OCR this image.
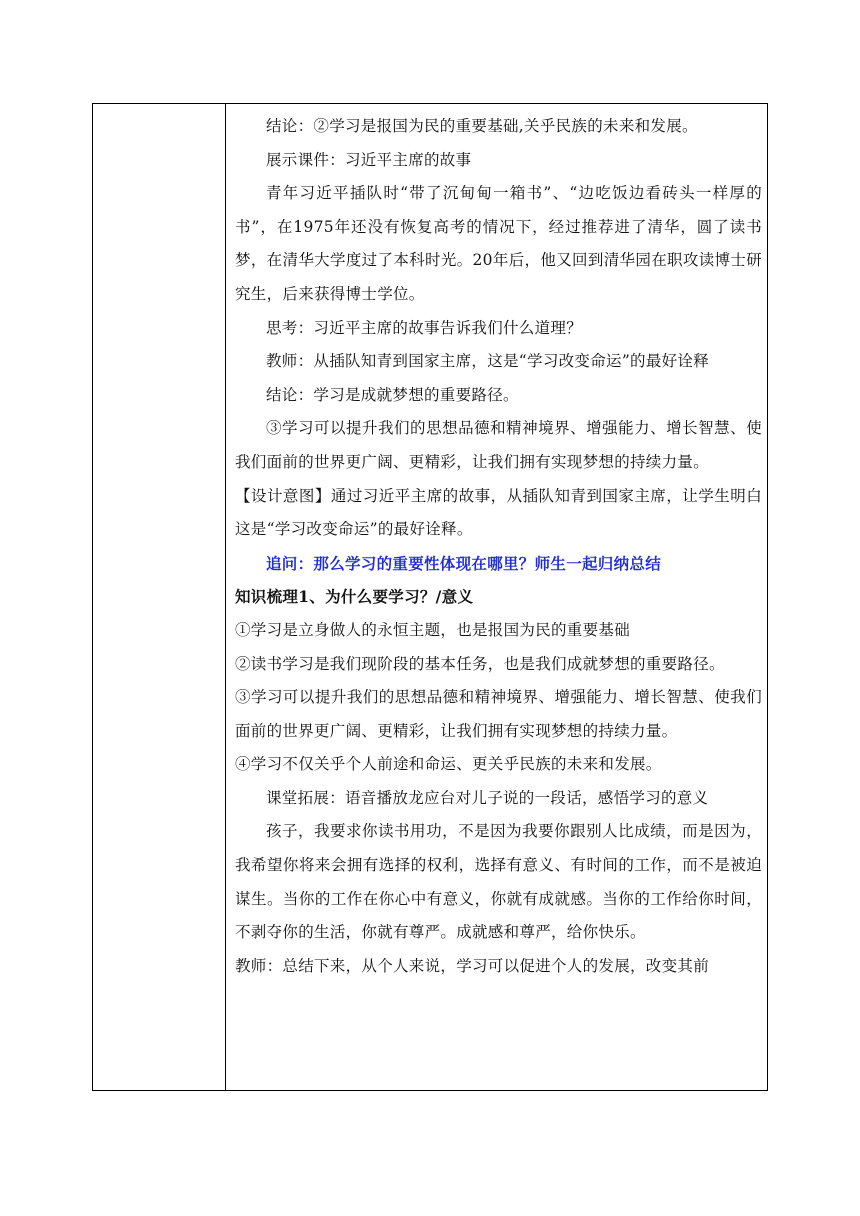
结论：②学习是报国为民的重要基础,关乎民族的未来和发展。

展示课件：习近平主席的故事

青年习近平插队时“带了沉甸甸一箱书”、“边吃饭边看砖头一样厚的书”，在1975年还没有恢复高考的情况下，经过推荐进了清华，圆了读书梦，在清华大学度过了本科时光。20年后，他又回到清华园在职攻读博士研究生，后来获得博士学位。

思考：习近平主席的故事告诉我们什么道理？

教师：从插队知青到国家主席，这是“学习改变命运”的最好诠释

结论：学习是成就梦想的重要路径。

③学习可以提升我们的思想品德和精神境界、增强能力、增长智慧、使我们面前的世界更广阔、更精彩，让我们拥有实现梦想的持续力量。

【设计意图】通过习近平主席的故事，从插队知青到国家主席，让学生明白这是“学习改变命运”的最好诠释。

追问：那么学习的重要性体现在哪里？师生一起归纳总结

知识梳理1、为什么要学习？/意义

①学习是立身做人的永恒主题，也是报国为民的重要基础

②读书学习是我们现阶段的基本任务，也是我们成就梦想的重要路径。

③学习可以提升我们的思想品德和精神境界、增强能力、增长智慧、使我们面前的世界更广阔、更精彩，让我们拥有实现梦想的持续力量。

④学习不仅关乎个人前途和命运、更关乎民族的未来和发展。

课堂拓展：语音播放龙应台对儿子说的一段话，感悟学习的意义

孩子，我要求你读书用功，不是因为我要你跟别人比成绩，而是因为，我希望你将来会拥有选择的权利，选择有意义、有时间的工作，而不是被迫谋生。当你的工作在你心中有意义，你就有成就感。当你的工作给你时间，不剥夺你的生活，你就有尊严。成就感和尊严，给你快乐。

教师：总结下来，从个人来说，学习可以促进个人的发展，改变其前
